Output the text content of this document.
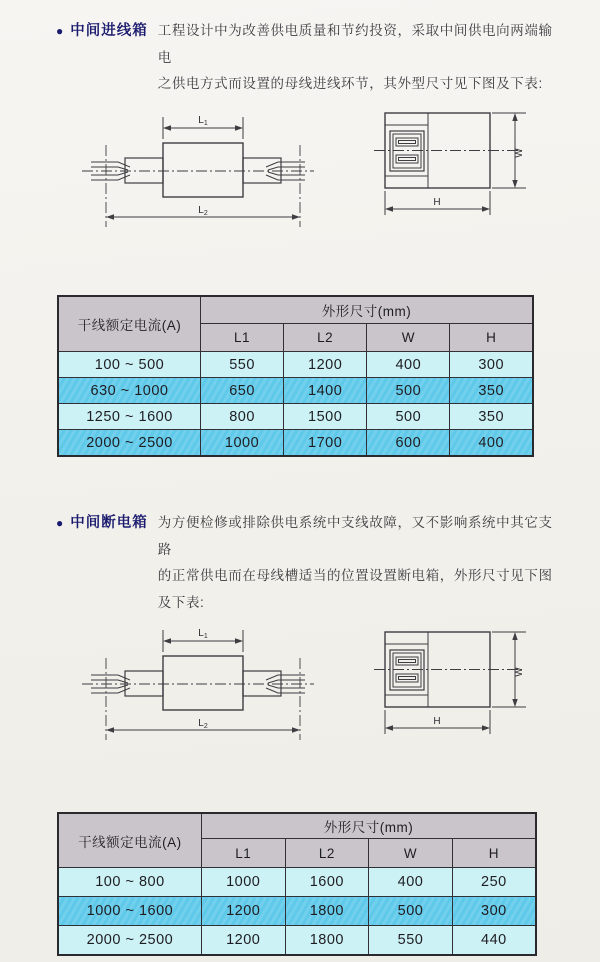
● 中间进线箱 工程设计中为改善供电质量和节约投资，采取中间供电向两端输电
之供电方式而设置的母线进线环节，其外型尺寸见下图及下表:
$L_1$
$L_2$
W
H
干线额定电流(A)	外形尺寸(mm)			
	L1	L2	W	H
100 ~ 500	550	1200	400	300
630 ~ 1000	650	1400	500	350
1250 ~ 1600	800	1500	500	350
2000 ~ 2500	1000	1700	600	400
● 中间断电箱 为方便检修或排除供电系统中支线故障，又不影响系统中其它支路
的正常供电而在母线槽适当的位置设置断电箱，外形尺寸见下图及下表:
$L_1$
$L_2$
W
H
干线额定电流(A)	外形尺寸(mm)			
	L1	L2	W	H
100 ~ 800	1000	1600	400	250
1000 ~ 1600	1200	1800	500	300
2000 ~ 2500	1200	1800	550	440
